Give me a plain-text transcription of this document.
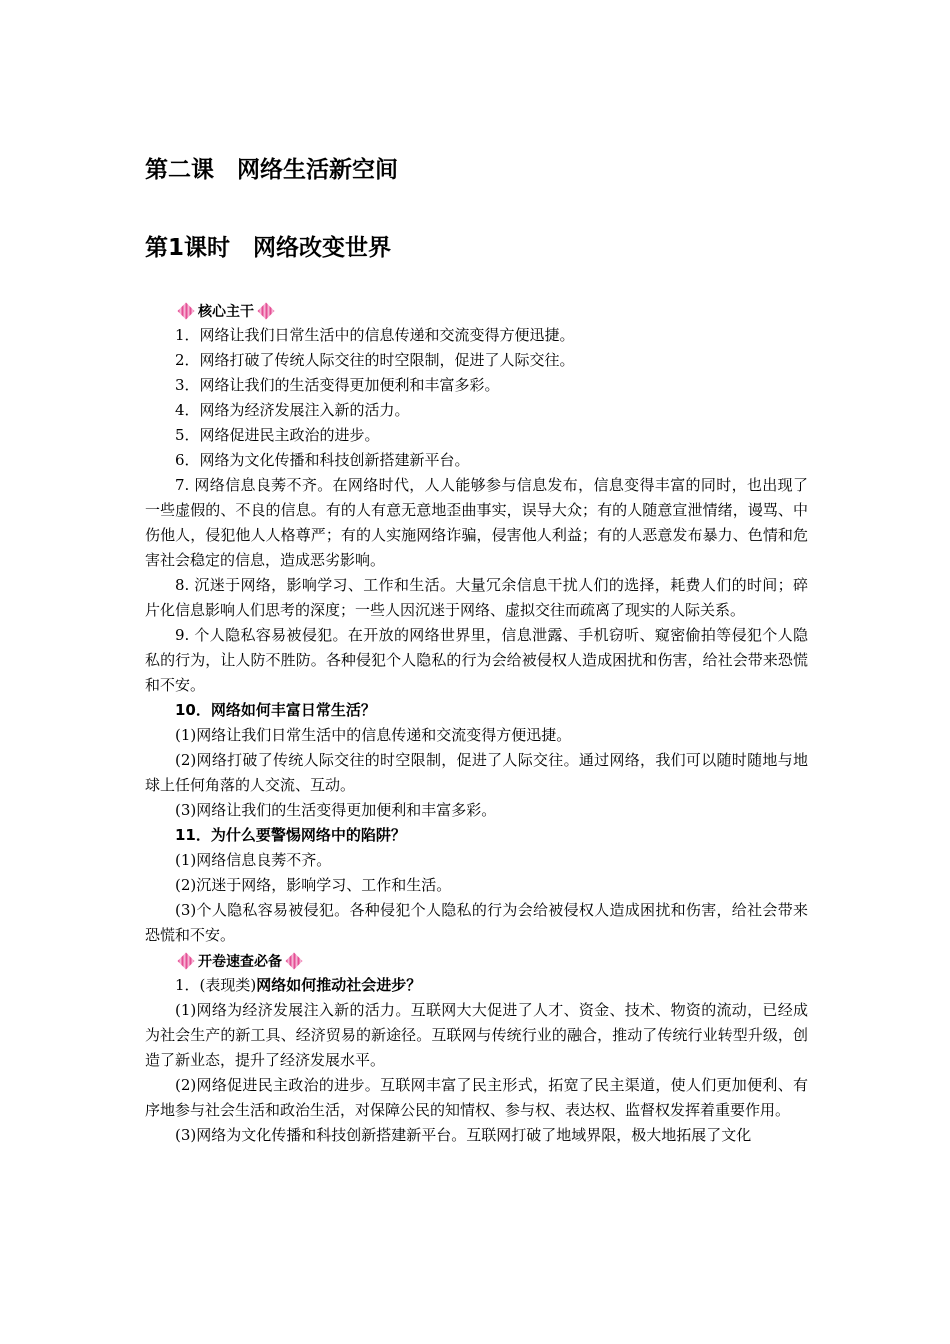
第二课　网络生活新空间
第1课时　网络改变世界
核心主干

1．网络让我们日常生活中的信息传递和交流变得方便迅捷。

2．网络打破了传统人际交往的时空限制，促进了人际交往。

3．网络让我们的生活变得更加便利和丰富多彩。

4．网络为经济发展注入新的活力。

5．网络促进民主政治的进步。

6．网络为文化传播和科技创新搭建新平台。

7. 网络信息良莠不齐。在网络时代，人人能够参与信息发布，信息变得丰富的同时，也出现了一些虚假的、不良的信息。有的人有意无意地歪曲事实，误导大众；有的人随意宣泄情绪，谩骂、中伤他人，侵犯他人人格尊严；有的人实施网络诈骗，侵害他人利益；有的人恶意发布暴力、色情和危害社会稳定的信息，造成恶劣影响。

8. 沉迷于网络，影响学习、工作和生活。大量冗余信息干扰人们的选择，耗费人们的时间；碎片化信息影响人们思考的深度；一些人因沉迷于网络、虚拟交往而疏离了现实的人际关系。

9. 个人隐私容易被侵犯。在开放的网络世界里，信息泄露、手机窃听、窥密偷拍等侵犯个人隐私的行为，让人防不胜防。各种侵犯个人隐私的行为会给被侵权人造成困扰和伤害，给社会带来恐慌和不安。

10．网络如何丰富日常生活？

(1)网络让我们日常生活中的信息传递和交流变得方便迅捷。

(2)网络打破了传统人际交往的时空限制，促进了人际交往。通过网络，我们可以随时随地与地球上任何角落的人交流、互动。

(3)网络让我们的生活变得更加便利和丰富多彩。

11．为什么要警惕网络中的陷阱？

(1)网络信息良莠不齐。

(2)沉迷于网络，影响学习、工作和生活。

(3)个人隐私容易被侵犯。各种侵犯个人隐私的行为会给被侵权人造成困扰和伤害，给社会带来恐慌和不安。

开卷速查必备

1．(表现类)网络如何推动社会进步？

(1)网络为经济发展注入新的活力。互联网大大促进了人才、资金、技术、物资的流动，已经成为社会生产的新工具、经济贸易的新途径。互联网与传统行业的融合，推动了传统行业转型升级，创造了新业态，提升了经济发展水平。

(2)网络促进民主政治的进步。互联网丰富了民主形式，拓宽了民主渠道，使人们更加便利、有序地参与社会生活和政治生活，对保障公民的知情权、参与权、表达权、监督权发挥着重要作用。

(3)网络为文化传播和科技创新搭建新平台。互联网打破了地域界限，极大地拓展了文化
